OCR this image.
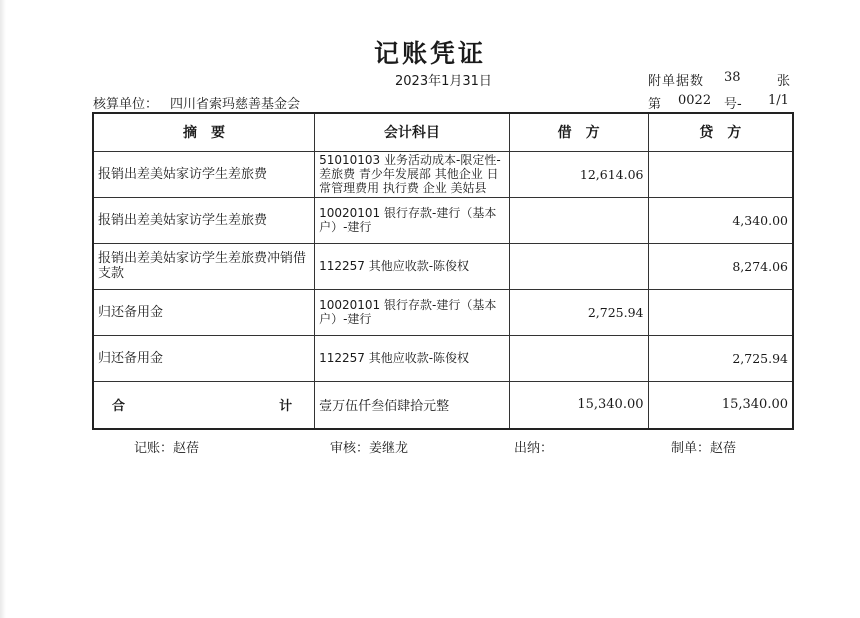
记账凭证
2023年1月31日	附单据数 38	张
核算单位： 四川省索玛慈善基金会	第 0022 号- 1/1
摘　要	会计科目	借　方	贷　方
报销出差美姑家访学生差旅费	51010103 业务活动成本-限定性-差旅费 青少年发展部 其他企业 日常管理费用 执行费 企业 美姑县	12,614.06	
报销出差美姑家访学生差旅费	10020101 银行存款-建行（基本户）-建行		4,340.00
报销出差美姑家访学生差旅费冲销借支款	112257 其他应收款-陈俊权		8,274.06
归还备用金	10020101 银行存款-建行（基本户）-建行	2,725.94	
归还备用金	112257 其他应收款-陈俊权		2,725.94

合 计	壹万伍仟叁佰肆拾元整	15,340.00	15,340.00
记账：赵蓓	审核：姜继龙	出纳：	制单：赵蓓
